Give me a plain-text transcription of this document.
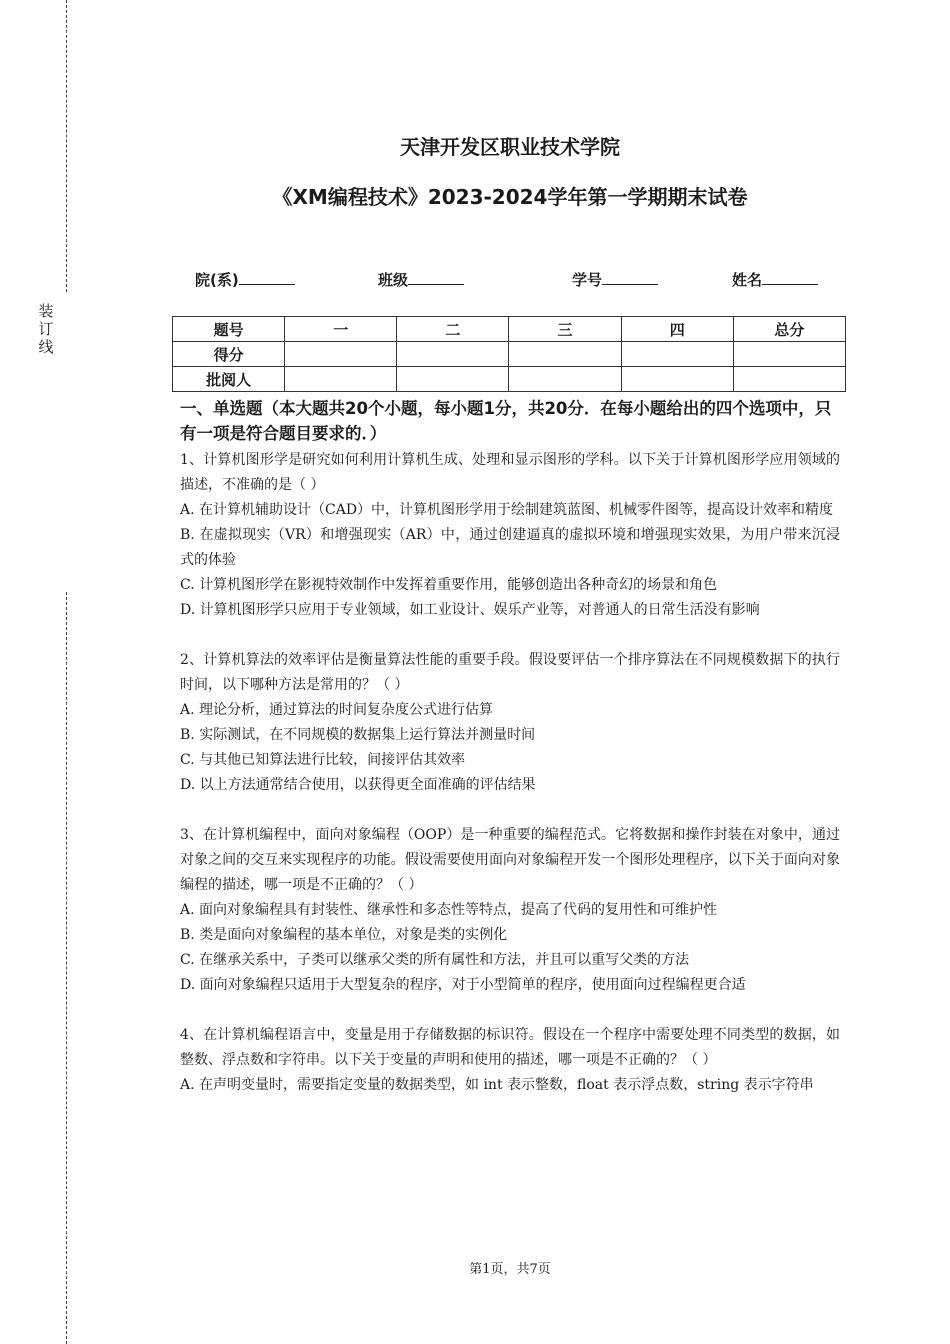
装订线
天津开发区职业技术学院
《XM编程技术》2023-2024学年第一学期期末试卷
院(系)	班级	学号	姓名
题号	一	二	三	四	总分
得分					
批阅人					
一、单选题（本大题共20个小题，每小题1分，共20分．在每小题给出的四个选项中，只有一项是符合题目要求的．）

1、计算机图形学是研究如何利用计算机生成、处理和显示图形的学科。以下关于计算机图形学应用领域的描述，不准确的是（ ）

A. 在计算机辅助设计（CAD）中，计算机图形学用于绘制建筑蓝图、机械零件图等，提高设计效率和精度

B. 在虚拟现实（VR）和增强现实（AR）中，通过创建逼真的虚拟环境和增强现实效果，为用户带来沉浸式的体验

C. 计算机图形学在影视特效制作中发挥着重要作用，能够创造出各种奇幻的场景和角色

D. 计算机图形学只应用于专业领域，如工业设计、娱乐产业等，对普通人的日常生活没有影响

2、计算机算法的效率评估是衡量算法性能的重要手段。假设要评估一个排序算法在不同规模数据下的执行时间，以下哪种方法是常用的？（ ）

A. 理论分析，通过算法的时间复杂度公式进行估算

B. 实际测试，在不同规模的数据集上运行算法并测量时间

C. 与其他已知算法进行比较，间接评估其效率

D. 以上方法通常结合使用，以获得更全面准确的评估结果

3、在计算机编程中，面向对象编程（OOP）是一种重要的编程范式。它将数据和操作封装在对象中，通过对象之间的交互来实现程序的功能。假设需要使用面向对象编程开发一个图形处理程序，以下关于面向对象编程的描述，哪一项是不正确的？（ ）

A. 面向对象编程具有封装性、继承性和多态性等特点，提高了代码的复用性和可维护性

B. 类是面向对象编程的基本单位，对象是类的实例化

C. 在继承关系中，子类可以继承父类的所有属性和方法，并且可以重写父类的方法

D. 面向对象编程只适用于大型复杂的程序，对于小型简单的程序，使用面向过程编程更合适

4、在计算机编程语言中，变量是用于存储数据的标识符。假设在一个程序中需要处理不同类型的数据，如整数、浮点数和字符串。以下关于变量的声明和使用的描述，哪一项是不正确的？（ ）

A. 在声明变量时，需要指定变量的数据类型，如 int 表示整数，float 表示浮点数，string 表示字符串

第1页，共7页
